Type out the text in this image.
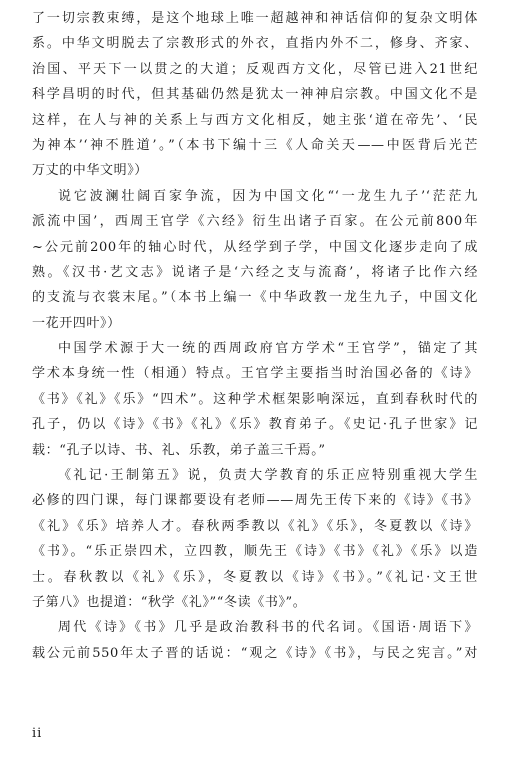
了一切宗教束缚，是这个地球上唯一超越神和神话信仰的复杂文明体
系。中华文明脱去了宗教形式的外衣，直指内外不二，修身、齐家、
治国、平天下一以贯之的大道；反观西方文化，尽管已进入21世纪
科学昌明的时代，但其基础仍然是犹太一神神启宗教。中国文化不是
这样，在人与神的关系上与西方文化相反，她主张‘道在帝先’、‘民
为神本’‘神不胜道’。”（本书下编十三《人命关天——中医背后光芒
万丈的中华文明》）
说它波澜壮阔百家争流，因为中国文化“‘一龙生九子’‘茫茫九
派流中国’，西周王官学《六经》衍生出诸子百家。在公元前800年
~公元前200年的轴心时代，从经学到子学，中国文化逐步走向了成
熟。《汉书·艺文志》说诸子是‘六经之支与流裔’，将诸子比作六经
的支流与衣裳末尾。”（本书上编一《中华政教一龙生九子，中国文化
一花开四叶》）
中国学术源于大一统的西周政府官方学术“王官学”，锚定了其
学术本身统一性（相通）特点。王官学主要指当时治国必备的《诗》
《书》《礼》《乐》“四术”。这种学术框架影响深远，直到春秋时代的
孔子，仍以《诗》《书》《礼》《乐》教育弟子。《史记·孔子世家》记
载：“孔子以诗、书、礼、乐教，弟子盖三千焉。”
《礼记·王制第五》说，负责大学教育的乐正应特别重视大学生
必修的四门课，每门课都要设有老师——周先王传下来的《诗》《书》
《礼》《乐》培养人才。春秋两季教以《礼》《乐》，冬夏教以《诗》
《书》。“乐正崇四术，立四教，顺先王《诗》《书》《礼》《乐》以造
士。春秋教以《礼》《乐》，冬夏教以《诗》《书》。”《礼记·文王世
子第八》也提道：“秋学《礼》”“冬读《书》”。
周代《诗》《书》几乎是政治教科书的代名词。《国语·周语下》
载公元前550年太子晋的话说：“观之《诗》《书》，与民之宪言。”对
ii
